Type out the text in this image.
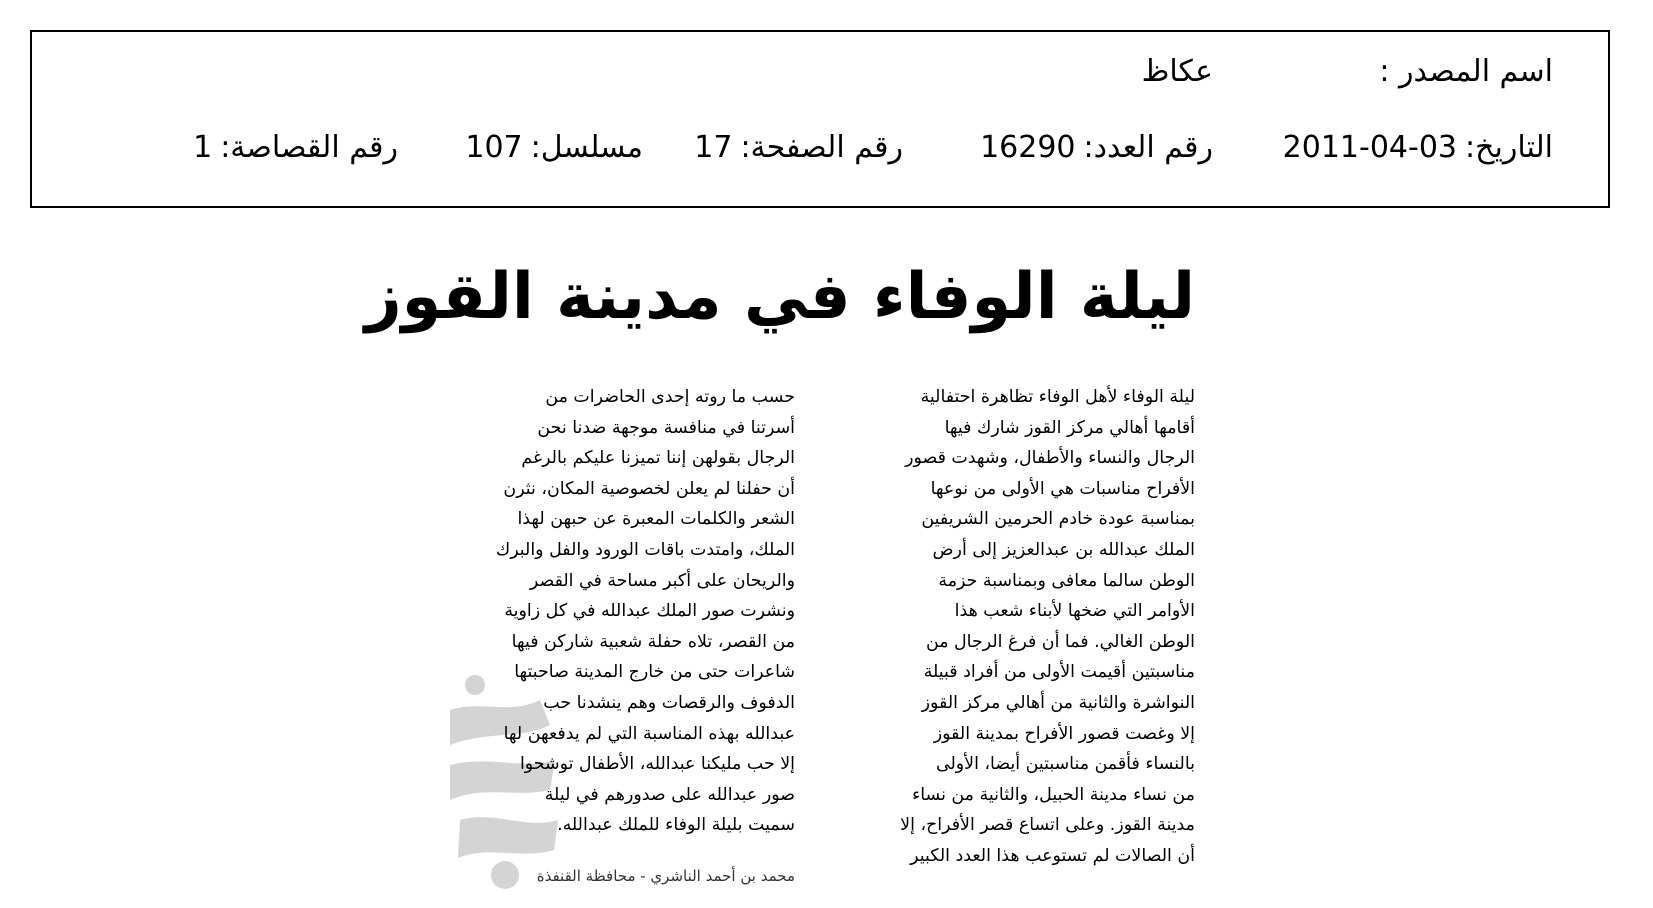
اسم المصدر :
عكاظ
التاريخ:2011-04-03
رقم العدد:16290
رقم الصفحة:17
مسلسل:107
رقم القصاصة:1
ليلة الوفاء في مدينة القوز
ليلة الوفاء لأهل الوفاء تظاهرة احتفالية
أقامها أهالي مركز القوز شارك فيها
الرجال والنساء والأطفال، وشهدت قصور
الأفراح مناسبات هي الأولى من نوعها
بمناسبة عودة خادم الحرمين الشريفين
الملك عبدالله بن عبدالعزيز إلى أرض
الوطن سالما معافى وبمناسبة حزمة
الأوامر التي ضخها لأبناء شعب هذا
الوطن الغالي. فما أن فرغ الرجال من
مناسبتين أقيمت الأولى من أفراد قبيلة
النواشرة والثانية من أهالي مركز القوز
إلا وغصت قصور الأفراح بمدينة القوز
بالنساء فأقمن مناسبتين أيضا، الأولى
من نساء مدينة الحبيل، والثانية من نساء
مدينة القوز. وعلى اتساع قصر الأفراح، إلا
أن الصالات لم تستوعب هذا العدد الكبير
حسب ما روته إحدى الحاضرات من
أسرتنا في منافسة موجهة ضدنا نحن
الرجال بقولهن إننا تميزنا عليكم بالرغم
أن حفلنا لم يعلن لخصوصية المكان، نثرن
الشعر والكلمات المعبرة عن حبهن لهذا
الملك، وامتدت باقات الورود والفل والبرك
والريحان على أكبر مساحة في القصر
ونشرت صور الملك عبدالله في كل زاوية
من القصر، تلاه حفلة شعبية شاركن فيها
شاعرات حتى من خارج المدينة صاحبتها
الدفوف والرقصات وهم ينشدنا حب
عبدالله بهذه المناسبة التي لم يدفعهن لها
إلا حب مليكنا عبدالله، الأطفال توشحوا
صور عبدالله على صدورهم في ليلة
سميت بليلة الوفاء للملك عبدالله.
محمد بن أحمد الناشري - محافظة القنفذة
